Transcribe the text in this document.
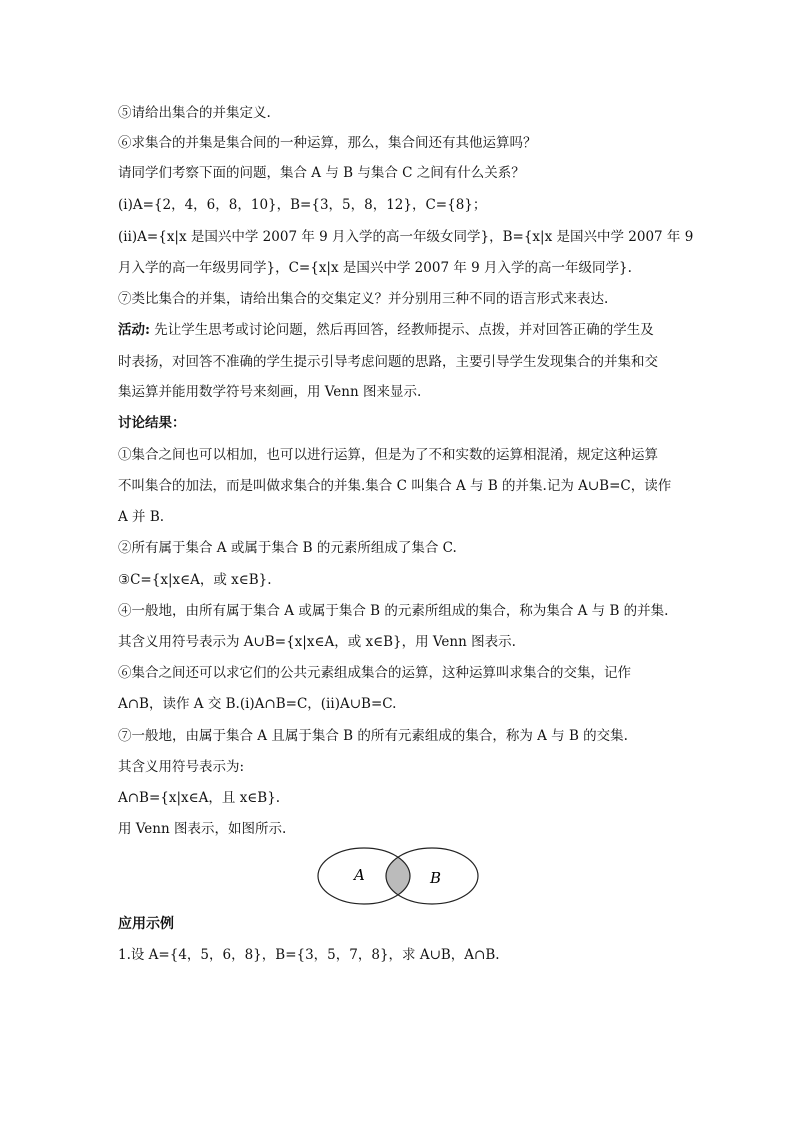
⑤请给出集合的并集定义.
⑥求集合的并集是集合间的一种运算，那么，集合间还有其他运算吗？
请同学们考察下面的问题，集合 A 与 B 与集合 C 之间有什么关系？
(ⅰ)A={2，4，6，8，10}，B={3，5，8，12}，C={8}；
(ⅱ)A={x|x 是国兴中学 2007 年 9 月入学的高一年级女同学}，B={x|x 是国兴中学 2007 年 9
月入学的高一年级男同学}，C={x|x 是国兴中学 2007 年 9 月入学的高一年级同学}.
⑦类比集合的并集，请给出集合的交集定义？并分别用三种不同的语言形式来表达.
活动: 先让学生思考或讨论问题，然后再回答，经教师提示、点拨，并对回答正确的学生及
时表扬，对回答不准确的学生提示引导考虑问题的思路，主要引导学生发现集合的并集和交
集运算并能用数学符号来刻画，用 Venn 图来显示.
讨论结果：
①集合之间也可以相加，也可以进行运算，但是为了不和实数的运算相混淆，规定这种运算
不叫集合的加法，而是叫做求集合的并集.集合 C 叫集合 A 与 B 的并集.记为 A∪B=C，读作
A 并 B.
②所有属于集合 A 或属于集合 B 的元素所组成了集合 C.
③C={x|x∈A，或 x∈B}.
④一般地，由所有属于集合 A 或属于集合 B 的元素所组成的集合，称为集合 A 与 B 的并集.
其含义用符号表示为 A∪B={x|x∈A，或 x∈B}，用 Venn 图表示.
⑥集合之间还可以求它们的公共元素组成集合的运算，这种运算叫求集合的交集，记作
A∩B，读作 A 交 B.(ⅰ)A∩B=C，(ⅱ)A∪B=C.
⑦一般地，由属于集合 A 且属于集合 B 的所有元素组成的集合，称为 A 与 B 的交集.
其含义用符号表示为:
A∩B={x|x∈A，且 x∈B}.
用 Venn 图表示，如图所示.
A	B
应用示例
1.设 A={4，5，6，8}，B={3，5，7，8}，求 A∪B，A∩B.
